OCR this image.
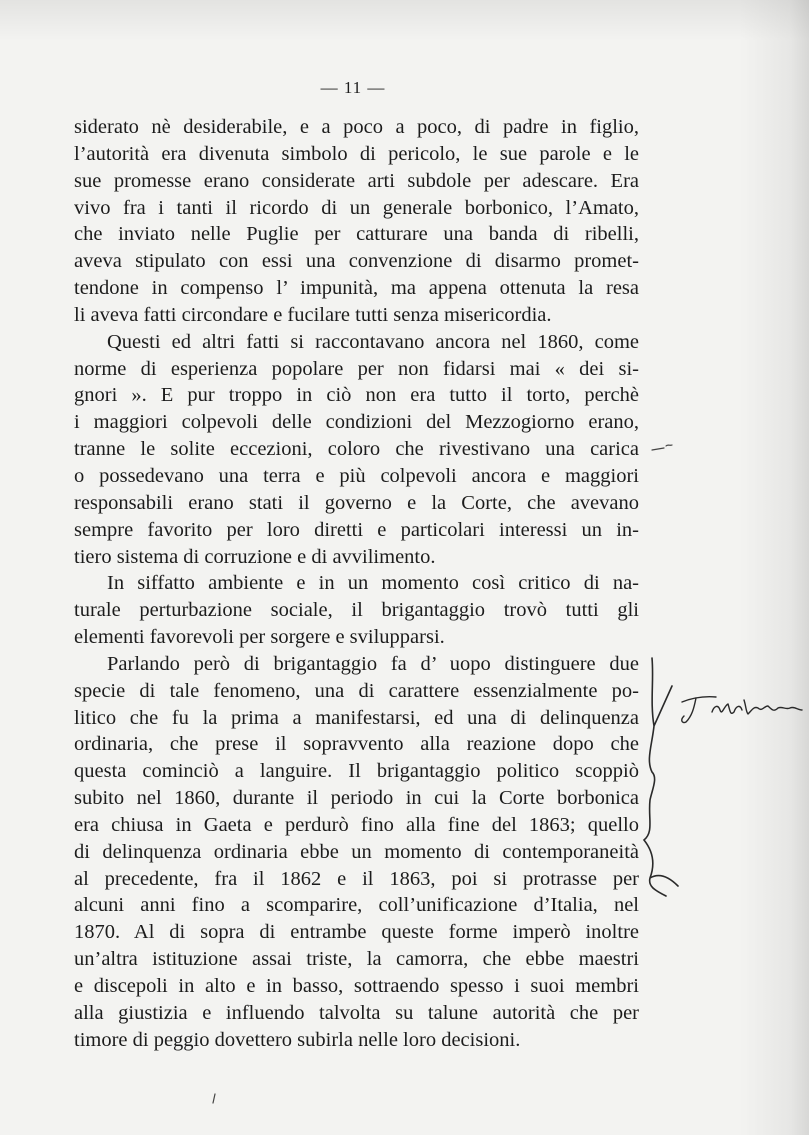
— 11 —
siderato nè desiderabile, e a poco a poco, di padre in figlio,
l’autorità era divenuta simbolo di pericolo, le sue parole e le
sue promesse erano considerate arti subdole per adescare. Era
vivo fra i tanti il ricordo di un generale borbonico, l’Amato,
che inviato nelle Puglie per catturare una banda di ribelli,
aveva stipulato con essi una convenzione di disarmo promet-
tendone in compenso l’ impunità, ma appena ottenuta la resa
li aveva fatti circondare e fucilare tutti senza misericordia.
Questi ed altri fatti si raccontavano ancora nel 1860, come
norme di esperienza popolare per non fidarsi mai « dei si-
gnori ». E pur troppo in ciò non era tutto il torto, perchè
i maggiori colpevoli delle condizioni del Mezzogiorno erano,
tranne le solite eccezioni, coloro che rivestivano una carica
o possedevano una terra e più colpevoli ancora e maggiori
responsabili erano stati il governo e la Corte, che avevano
sempre favorito per loro diretti e particolari interessi un in-
tiero sistema di corruzione e di avvilimento.
In siffatto ambiente e in un momento così critico di na-
turale perturbazione sociale, il brigantaggio trovò tutti gli
elementi favorevoli per sorgere e svilupparsi.
Parlando però di brigantaggio fa d’ uopo distinguere due
specie di tale fenomeno, una di carattere essenzialmente po-
litico che fu la prima a manifestarsi, ed una di delinquenza
ordinaria, che prese il sopravvento alla reazione dopo che
questa cominciò a languire. Il brigantaggio politico scoppiò
subito nel 1860, durante il periodo in cui la Corte borbonica
era chiusa in Gaeta e perdurò fino alla fine del 1863; quello
di delinquenza ordinaria ebbe un momento di contemporaneità
al precedente, fra il 1862 e il 1863, poi si protrasse per
alcuni anni fino a scomparire, coll’unificazione d’Italia, nel
1870. Al di sopra di entrambe queste forme imperò inoltre
un’altra istituzione assai triste, la camorra, che ebbe maestri
e discepoli in alto e in basso, sottraendo spesso i suoi membri
alla giustizia e influendo talvolta su talune autorità che per
timore di peggio dovettero subirla nelle loro decisioni.
